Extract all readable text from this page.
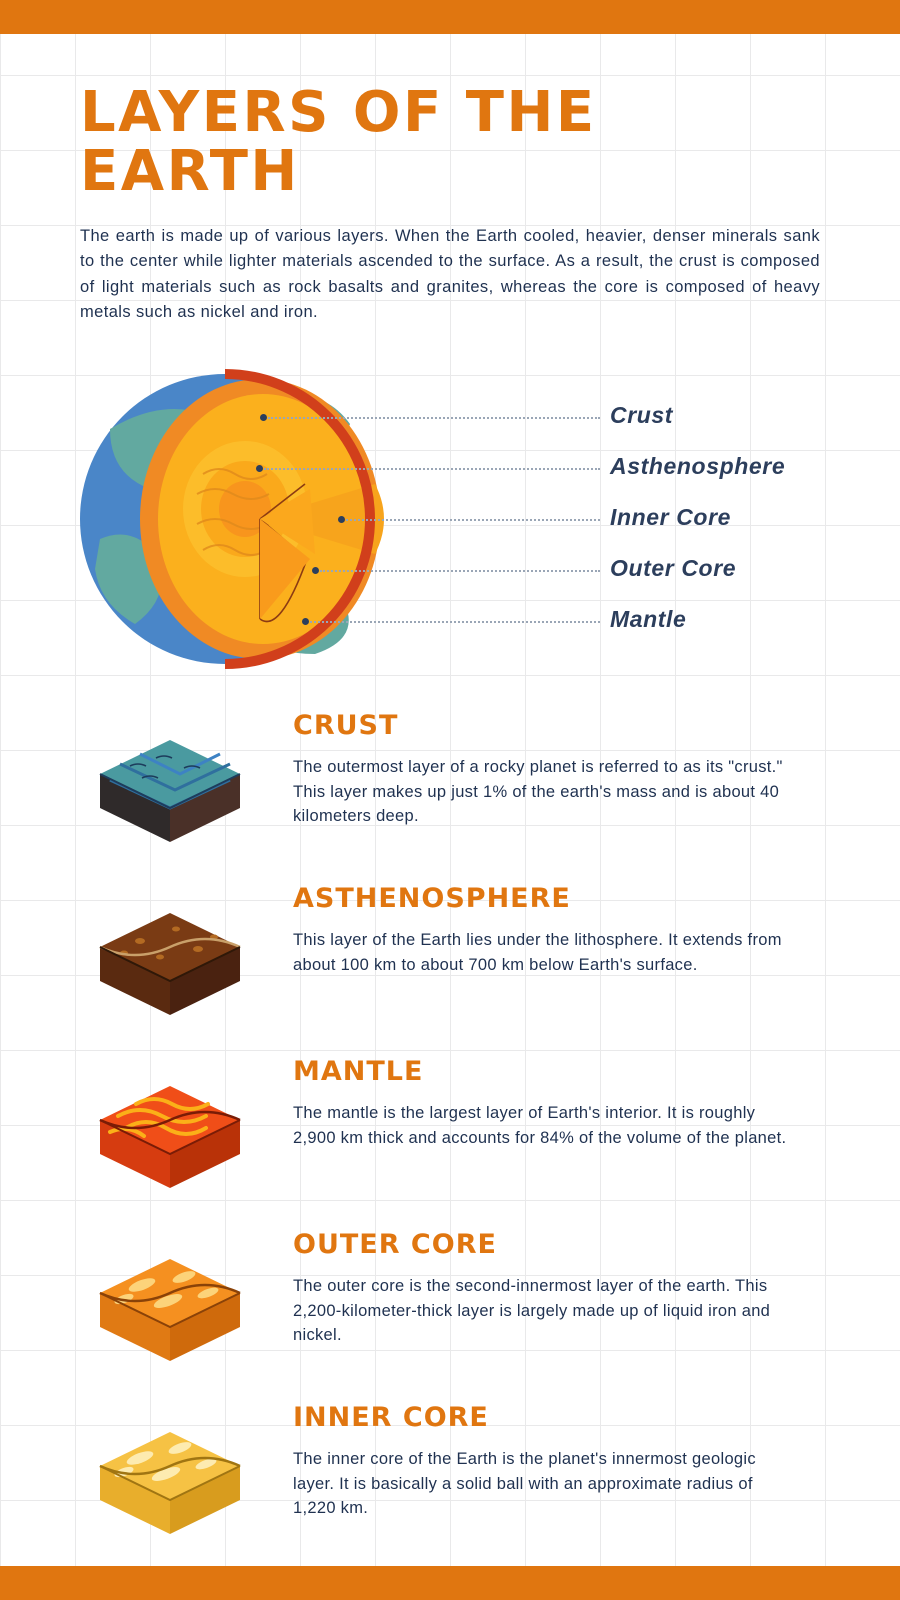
LAYERS OF THE EARTH

The earth is made up of various layers. When the Earth cooled, heavier, denser minerals sank to the center while lighter materials ascended to the surface. As a result, the crust is composed of light materials such as rock basalts and granites, whereas the core is composed of heavy metals such as nickel and iron.

Crust
Asthenosphere
Inner Core
Outer Core
Mantle
CRUST

The outermost layer of a rocky planet is referred to as its "crust." This layer makes up just 1% of the earth's mass and is about 40 kilometers deep.

ASTHENOSPHERE

This layer of the Earth lies under the lithosphere. It extends from about 100 km to about 700 km below Earth's surface.

MANTLE

The mantle is the largest layer of Earth's interior. It is roughly 2,900 km thick and accounts for 84% of the volume of the planet.

OUTER CORE

The outer core is the second-innermost layer of the earth. This 2,200-kilometer-thick layer is largely made up of liquid iron and nickel.

INNER CORE

The inner core of the Earth is the planet's innermost geologic layer. It is basically a solid ball with an approximate radius of 1,220 km.
